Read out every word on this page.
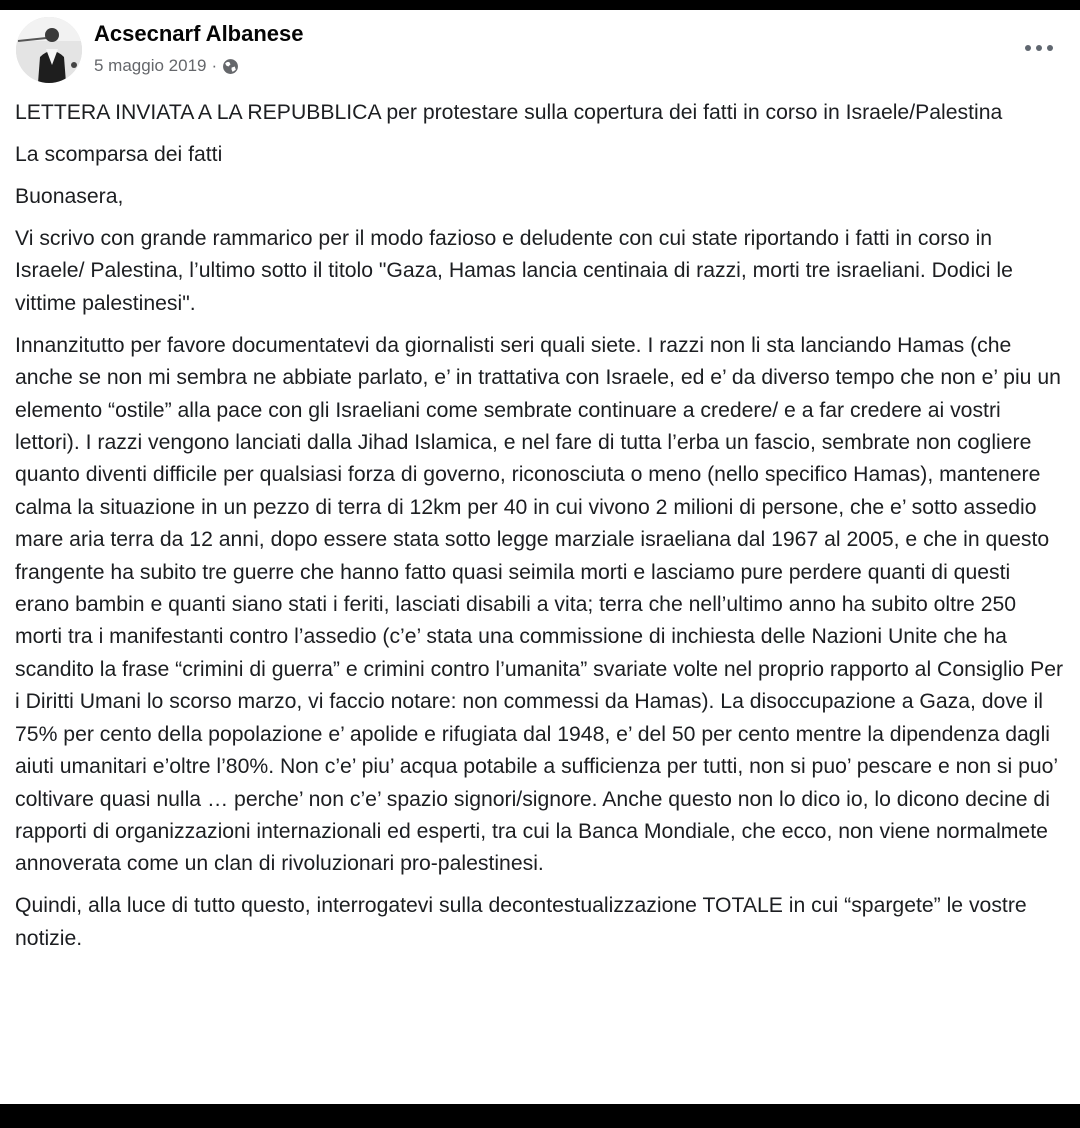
Acsecnarf Albanese
5 maggio 2019 ·

LETTERA INVIATA A LA REPUBBLICA per protestare sulla copertura dei fatti in corso in Israele/Palestina

La scomparsa dei fatti

Buonasera,

Vi scrivo con grande rammarico per il modo fazioso e deludente con cui state riportando i fatti in corso in Israele/ Palestina, l’ultimo sotto il titolo "Gaza, Hamas lancia centinaia di razzi, morti tre israeliani. Dodici le vittime palestinesi".

Innanzitutto per favore documentatevi da giornalisti seri quali siete. I razzi non li sta lanciando Hamas (che anche se non mi sembra ne abbiate parlato, e’ in trattativa con Israele, ed e’ da diverso tempo che non e’ piu un elemento “ostile” alla pace con gli Israeliani come sembrate continuare a credere/ e a far credere ai vostri lettori). I razzi vengono lanciati dalla Jihad Islamica, e nel fare di tutta l’erba un fascio, sembrate non cogliere quanto diventi difficile per qualsiasi forza di governo, riconosciuta o meno (nello specifico Hamas), mantenere calma la situazione in un pezzo di terra di 12km per 40 in cui vivono 2 milioni di persone, che e’ sotto assedio mare aria terra da 12 anni, dopo essere stata sotto legge marziale israeliana dal 1967 al 2005, e che in questo frangente ha subito tre guerre che hanno fatto quasi seimila morti e lasciamo pure perdere quanti di questi erano bambin e quanti siano stati i feriti, lasciati disabili a vita; terra che nell’ultimo anno ha subito oltre 250 morti tra i manifestanti contro l’assedio (c’e’ stata una commissione di inchiesta delle Nazioni Unite che ha scandito la frase “crimini di guerra” e crimini contro l’umanita” svariate volte nel proprio rapporto al Consiglio Per i Diritti Umani lo scorso marzo, vi faccio notare: non commessi da Hamas). La disoccupazione a Gaza, dove il 75% per cento della popolazione e’ apolide e rifugiata dal 1948, e’ del 50 per cento mentre la dipendenza dagli aiuti umanitari e’oltre l’80%. Non c’e’ piu’ acqua potabile a sufficienza per tutti, non si puo’ pescare e non si puo’ coltivare quasi nulla … perche’ non c’e’ spazio signori/signore. Anche questo non lo dico io, lo dicono decine di rapporti di organizzazioni internazionali ed esperti, tra cui la Banca Mondiale, che ecco, non viene normalmete annoverata come un clan di rivoluzionari pro-palestinesi.

Quindi, alla luce di tutto questo, interrogatevi sulla decontestualizzazione TOTALE in cui “spargete” le vostre notizie.
